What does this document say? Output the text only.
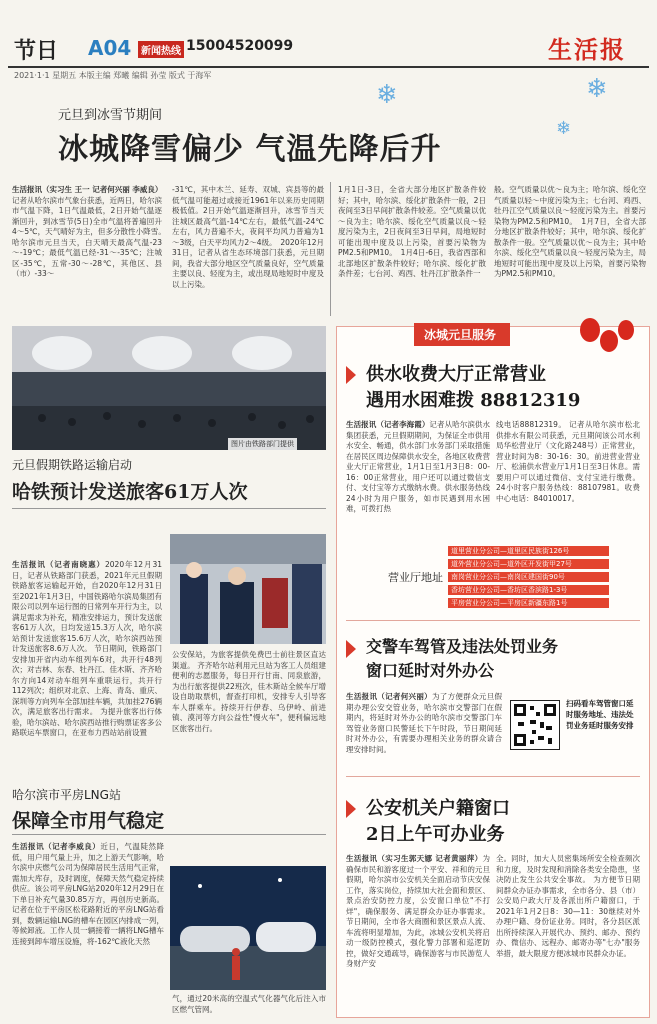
节日 A04 新闻热线 15004520099	生活报
2021·1·1 星期五 本版主编 郑曦 编辑 孙莹 版式 于海军
❄	❄
❄
元旦到冰雪节期间
冰城降雪偏少 气温先降后升
生活报讯（实习生 王一 记者何兴丽 李威良）记者从哈尔滨市气象台获悉，近两日，哈尔滨市气温下降，1日气温最低，2日开始气温逐渐回升，到冰雪节(5日)全市气温将普遍回升4～5℃，天气晴好为主，但多分散性小降雪。　哈尔滨市元旦当天，白天晴天最高气温-23～-19℃；最低气温已经-31～-35℃；注城区-35℃，五常-30～-28℃，其他区、县（市）-33～
-31℃，其中木兰、延寿、双城、宾县等的最低气温可能超过或接近1961年以来历史同期极低值。2日开始气温逐渐回升，冰雪节当天注城区最高气温-14℃左右，最低气温-24℃左右，风力普遍不大，夜间平均风力普遍为1～3级，白天平均风力2～4级。　2020年12月31日，记者从省生态环境部门获悉，元旦期间，我省大部分地区空气质量良好，空气质量主要以良、轻度为主，或出现局地短时中度及以上污染。
1月1日-3日，全省大部分地区扩散条件较好；其中，哈尔滨、绥化扩散条件一般，2日夜间至3日早间扩散条件较差。空气质量以优～良为主；哈尔滨、绥化空气质量以良～轻度污染为主，2日夜间至3日早间，局地短时可能出现中度及以上污染，首要污染物为PM2.5和PM10。　1月4日-6日，我省西部和北部地区扩散条件较好；哈尔滨、绥化扩散条件差；七台河、鸡西、牡丹江扩散条件一
般。空气质量以优～良为主；哈尔滨、绥化空气质量以轻～中度污染为主；七台河、鸡西、牡丹江空气质量以良～轻度污染为主。首要污染物为PM2.5和PM10。　1月7日，全省大部分地区扩散条件较好；其中，哈尔滨、绥化扩散条件一般。空气质量以优～良为主；其中哈尔滨、绥化空气质量以良～轻度污染为主，局地短时可能出现中度及以上污染，首要污染物为PM2.5和PM10。
图片由铁路部门提供
元旦假期铁路运输启动
哈铁预计发送旅客61万人次
生活报讯（记者南晓惠）2020年12月31日，记者从铁路部门获悉，2021年元旦假期铁路旅客运输起开始，自2020年12月31日至2021年1月3日，中国铁路哈尔滨局集团有限公司以列车运行图的日常列车开行为主，以满足需求为补充，精准安排运力，预计发送旅客61万人次，日均发送15.3万人次，哈尔滨站预计发送旅客15.6万人次，哈尔滨西站预计发送旅客8.6万人次。 节日期间，铁路部门安排加开省内动车组列车6对，共开行48列次；对吉林、东春、牡丹江、佳木斯、齐齐哈尔方向14对动车组列车重联运行，共开行112列次；组织对北京、上海、青岛、重庆、深圳等方向列车全部加挂车辆，共加挂276辆次，满足旅客出行需求。 为提升旅客出行体验，哈尔滨站、哈尔滨西站推行购票证客多公路联运车票窗口，在亚布力西站站前设置
公安保站，为旅客提供免费巴士前往景区直达渠道。 齐齐哈尔站利用元旦站为客工人员组建便利的志愿服务，每日开行甘南、同泉旅游，为出行旅客提供22班次，佳木斯站全候车厅增设自助取票机，督查打印机，安排专人引导客车人群乘车。持续开行伊春、乌伊岭、前进镇、漠河等方向公益性"慢火车"，便利偏远地区旅客出行。
哈尔滨市平房LNG站
保障全市用气稳定
生活报讯（记者李威良）近日，气温陡然降低，用户用气量上升，加之上游天气影响，哈尔滨中庆燃气公司为保障居民生活用气正常，需加大库存，及时调度，保障天然气稳定持续供应。该公司平房LNG站2020年12月29日在下单日补充气量30.85万方，再创历史新高。 记者在位于平房区松花路附近的平房LNG站看到，数辆运输LNG的槽车在园区内排成一列，等候卸液。工作人员一辆接着一辆将LNG槽车连接到卸车增压设施，将-162℃液化天然
气，通过20米高的空温式气化器气化后注入市区燃气管网。
冰城元旦服务
供水收费大厅正常营业
遇用水困难拨 88812319
生活报讯（记者李海霞）记者从哈尔滨供水集团获悉，元旦假期期间，为保证全市供用水安全、畅通，供水部门水务部门采取措施在居民区周边保障供水安全，各地区收费营业大厅正常营业，1月1日至1月3日8：00-16：00正常营业，用户还可以通过微信支付、支付宝等方式缴纳水费。供水服务热线24小时为用户服务，如市民遇到用水困难，可拨打热
线电话88812319。 记者从哈尔滨市松北供排水有限公司获悉，元旦期间该公司水利局华松营业厅（文化路248号）正常营业，营业时间为8：30-16：30。前进营业营业厅、松浦供水营业厅1月1日至3日休息。需要用户可以通过微信、支付宝进行缴费。24小时客户服务热线：88107981。收费中心电话：84010017。
营业厅地址
道里营业分公司—道里区民族街126号
道外营业分公司—道外区开发街甲27号
南岗营业分公司—南岗区建国街90号
香坊营业分公司—香坊区香滨路1-3号
平房营业分公司—平房区新疆东路1号
交警车驾管及违法处罚业务
窗口延时对外办公
生活报讯（记者何兴丽）为了方便群众元旦假期办理公安交管业务，哈尔滨市交警部门在假期内，将延时对外办公的哈尔滨市交警部门车驾管业务窗口民警延长下午时段，节日期间延时对外办公，有需要办理相关业务的群众请合理安排时间。
扫码看车驾管窗口延时服务地址、违法处罚业务延时服务安排
公安机关户籍窗口
2日上午可办业务
生活报讯（实习生郭天娜 记者黄丽萍）为确保市民和游客度过一个平安、祥和的元旦假期，哈尔滨市公安机关全面启动节庆安保工作，落实岗位，持续加大社会面和景区、景点治安防控力度，公安窗口单位"不打烊"，确保服务、满足群众办证办事需求。 节日期间，全市各大商圈和景区景点人流、车流将明显增加，为此，冰城公安机关将启动一级防控模式，强化警力部署和巡逻防控，做好交通疏导，确保游客与市民游览人身财产安
全。同时，加大人员密集场所安全检查频次和力度，及时发现和消除各类安全隐患，坚决防止发生公共安全事故。 为方便节日期间群众办证办事需求，全市各分、县（市）公安局户政大厅及各派出所户籍窗口，于2021年1月2日8：30—11：30继续对外办理户籍、身份证业务。同时，各分县区派出所持续深入开展代办、预约、邮办、预约办、微信办、远程办、邮寄办等"七办"服务举措，最大限度方便冰城市民群众办证。
